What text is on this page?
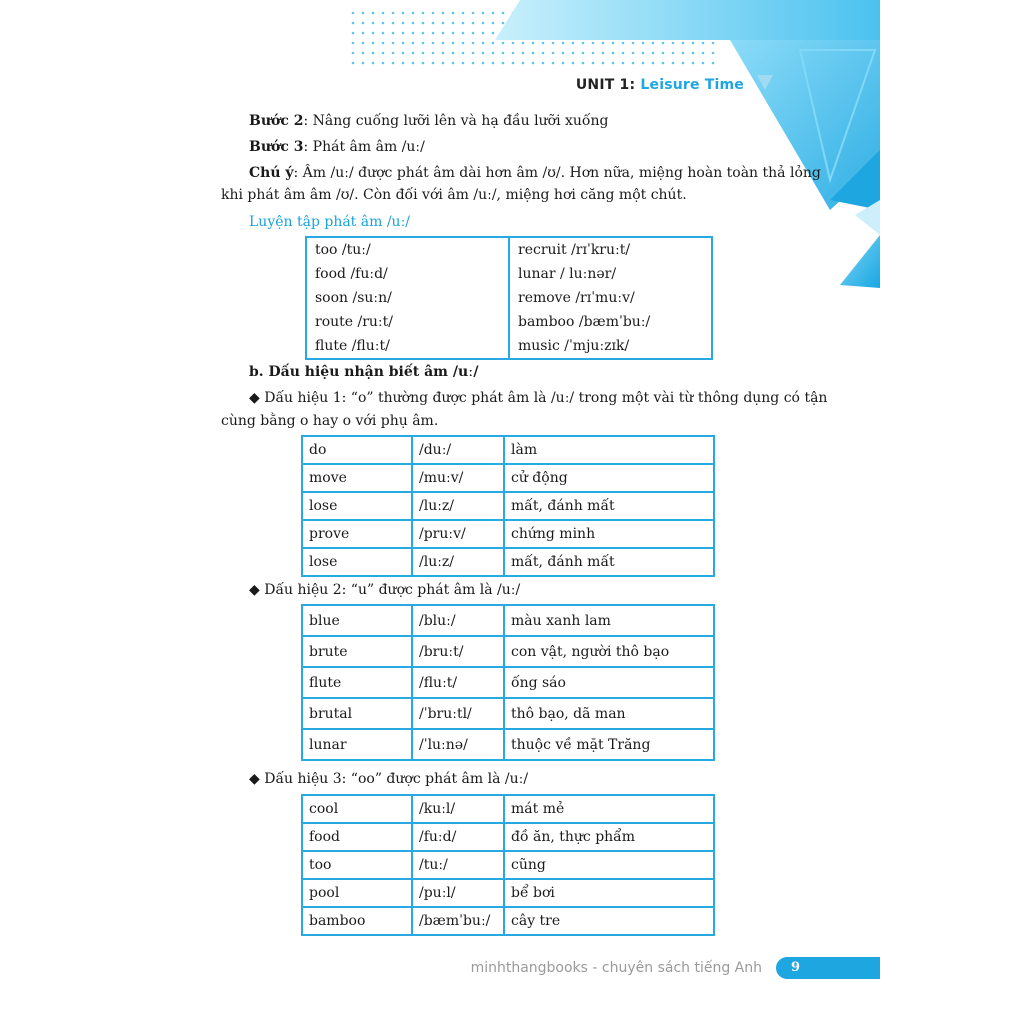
UNIT 1: Leisure Time
Bước 2: Nâng cuống lưỡi lên và hạ đầu lưỡi xuống
Bước 3: Phát âm âm /uː/
Chú ý: Âm /uː/ được phát âm dài hơn âm /ʊ/. Hơn nữa, miệng hoàn toàn thả lỏng
khi phát âm âm /ʊ/. Còn đối với âm /uː/, miệng hơi căng một chút.
Luyện tập phát âm /uː/
too /tuː/	recruit /rɪˈkruːt/
food /fuːd/	lunar / luːnər/
soon /suːn/	remove /rɪˈmuːv/
route /ruːt/	bamboo /bæmˈbuː/
flute /fluːt/	music /ˈmjuːzɪk/
b. Dấu hiệu nhận biết âm /uː/
◆ Dấu hiệu 1: “o” thường được phát âm là /uː/ trong một vài từ thông dụng có tận
cùng bằng o hay o với phụ âm.
do	/duː/	làm
move	/muːv/	cử động
lose	/luːz/	mất, đánh mất
prove	/pruːv/	chứng minh
lose	/luːz/	mất, đánh mất
◆ Dấu hiệu 2: “u” được phát âm là /uː/
blue	/bluː/	màu xanh lam
brute	/bruːt/	con vật, người thô bạo
flute	/fluːt/	ống sáo
brutal	/ˈbruːtl/	thô bạo, dã man
lunar	/ˈluːnə/	thuộc về mặt Trăng
◆ Dấu hiệu 3: “oo” được phát âm là /uː/
cool	/kuːl/	mát mẻ
food	/fuːd/	đồ ăn, thực phẩm
too	/tuː/	cũng
pool	/puːl/	bể bơi
bamboo	/bæmˈbuː/	cây tre
minhthangbooks - chuyên sách tiếng Anh 9
